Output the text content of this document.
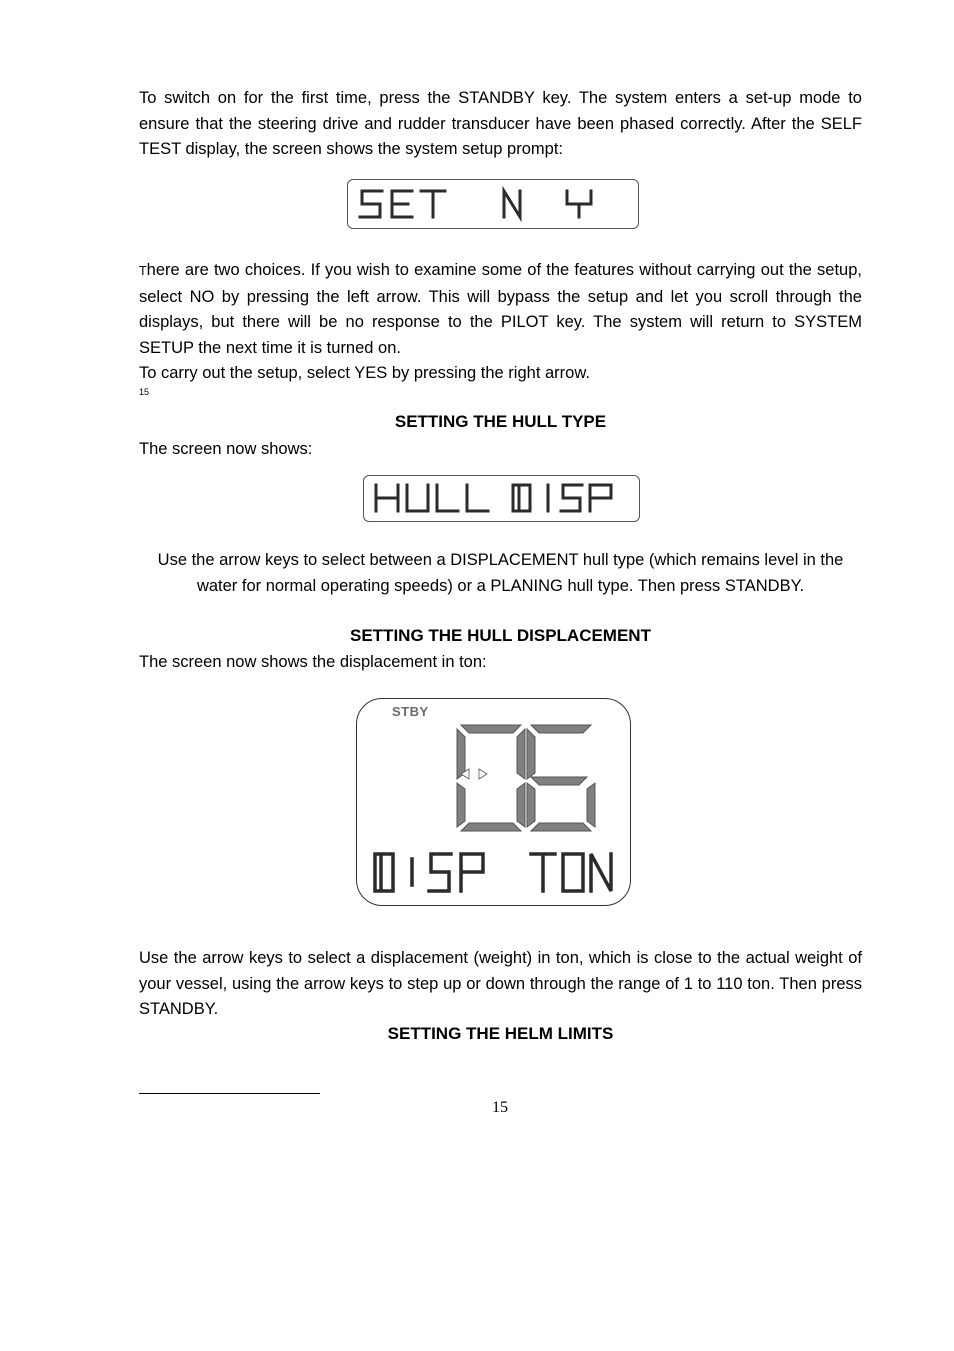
To switch on for the first time, press the STANDBY key. The system enters a set-up mode to ensure that the steering drive and rudder transducer have been phased correctly. After the SELF TEST display, the screen shows the system setup prompt:

There are two choices. If you wish to examine some of the features without carrying out the setup, select NO by pressing the left arrow. This will bypass the setup and let you scroll through the displays, but there will be no response to the PILOT key. The system will return to SYSTEM SETUP the next time it is turned on.

To carry out the setup, select YES by pressing the right arrow.

15

SETTING THE HULL TYPE

The screen now shows:

Use the arrow keys to select between a DISPLACEMENT hull type (which remains level in the water for normal operating speeds) or a PLANING hull type. Then press STANDBY.

SETTING THE HULL DISPLACEMENT

The screen now shows the displacement in ton:

STBY

Use the arrow keys to select a displacement (weight) in ton, which is close to the actual weight of your vessel, using the arrow keys to step up or down through the range of 1 to 110 ton. Then press STANDBY.

SETTING THE HELM LIMITS

15
